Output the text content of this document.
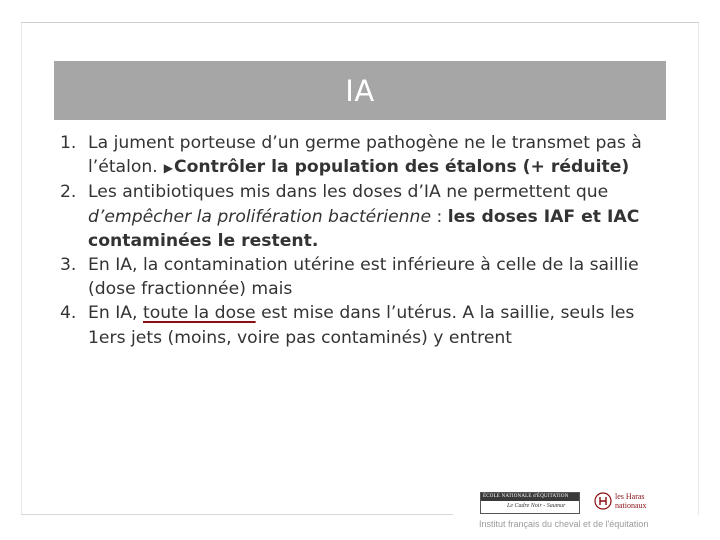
IA
1. La jument porteuse d’un germe pathogène ne le transmet pas à l’étalon. ▶Contrôler la population des étalons (+ réduite)
2. Les antibiotiques mis dans les doses d’IA ne permettent que d’empêcher la prolifération bactérienne : les doses IAF et IAC contaminées le restent.
3. En IA, la contamination utérine est inférieure à celle de la saillie (dose fractionnée) mais
4. En IA, toute la dose est mise dans l’utérus. A la saillie, seuls les 1ers jets (moins, voire pas contaminés) y entrent
ÉCOLE NATIONALE d'ÉQUITATION
Le Cadre Noir - Saumur
les Haras
nationaux
Institut français du cheval et de l'équitation
